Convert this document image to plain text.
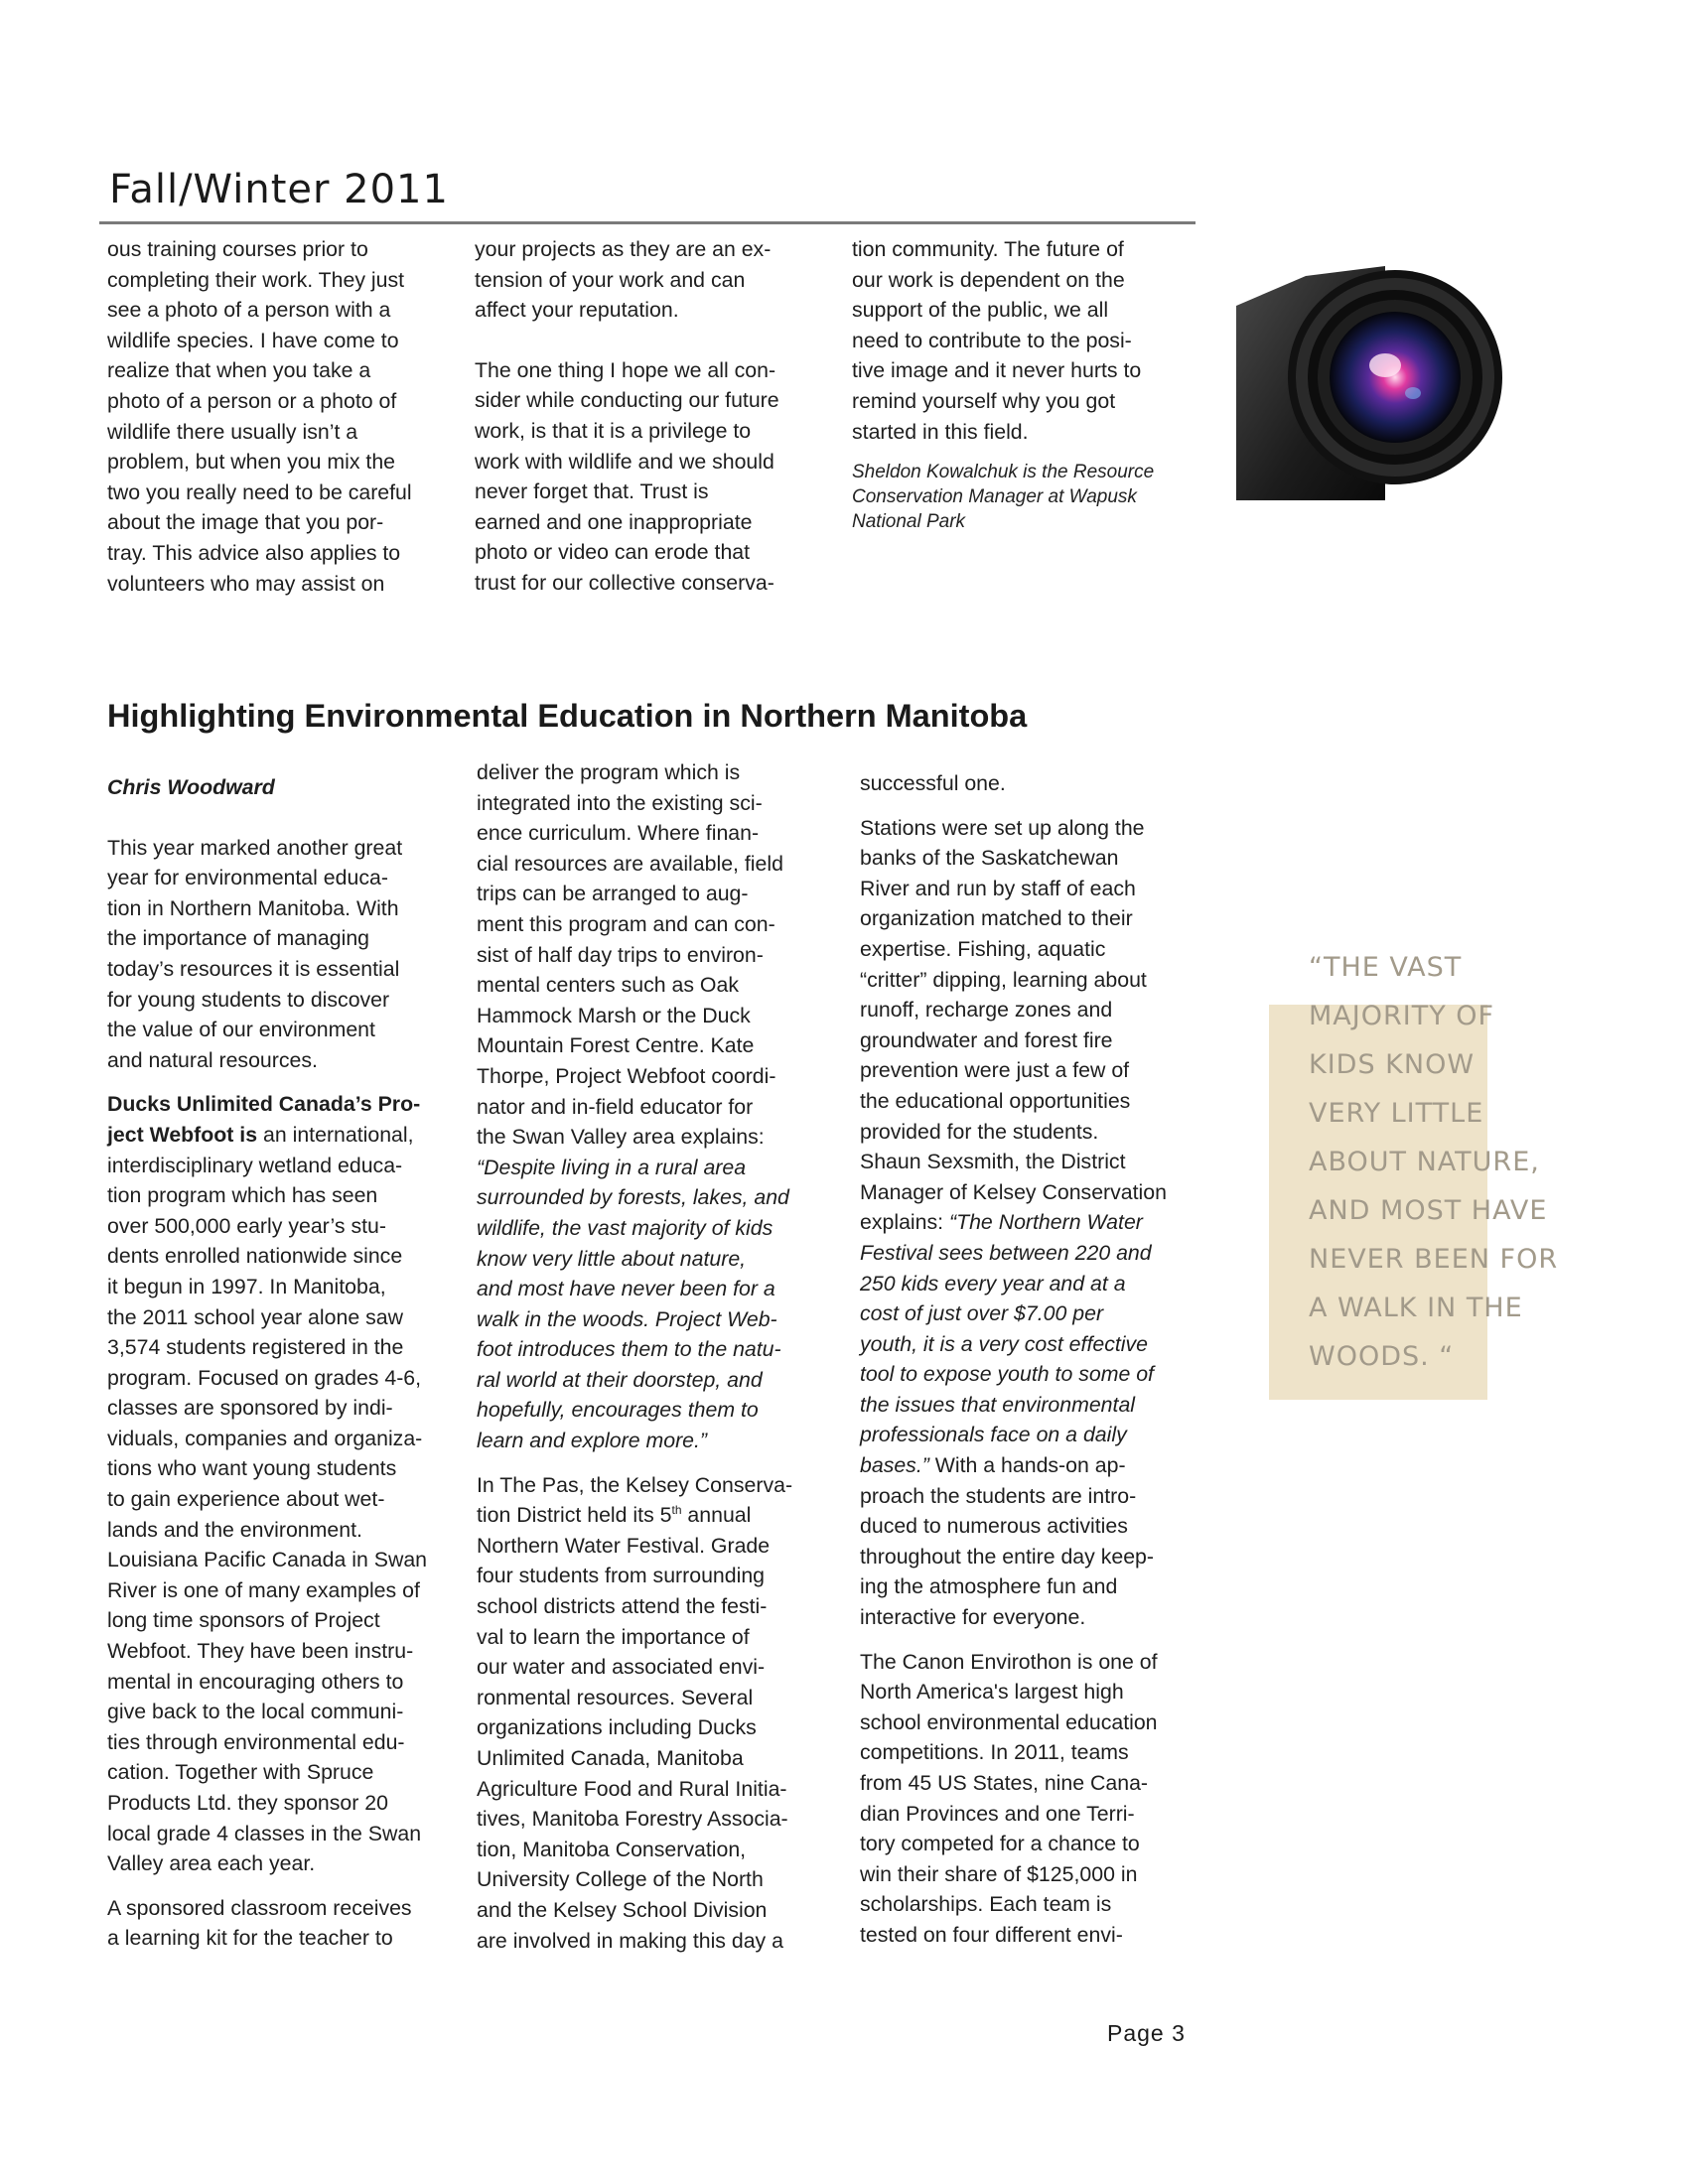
Fall/Winter 2011
ous training courses prior to
completing their work. They just
see a photo of a person with a
wildlife species. I have come to
realize that when you take a
photo of a person or a photo of
wildlife there usually isn’t a
problem, but when you mix the
two you really need to be careful
about the image that you por-
tray. This advice also applies to
volunteers who may assist on
your projects as they are an ex-
tension of your work and can
affect your reputation.
The one thing I hope we all con-
sider while conducting our future
work, is that it is a privilege to
work with wildlife and we should
never forget that. Trust is
earned and one inappropriate
photo or video can erode that
trust for our collective conserva-
tion community. The future of
our work is dependent on the
support of the public, we all
need to contribute to the posi-
tive image and it never hurts to
remind yourself why you got
started in this field.
Sheldon Kowalchuk is the Resource
Conservation Manager at Wapusk
National Park
Highlighting Environmental Education in Northern Manitoba
Chris Woodward
This year marked another great
year for environmental educa-
tion in Northern Manitoba. With
the importance of managing
today’s resources it is essential
for young students to discover
the value of our environment
and natural resources.
Ducks Unlimited Canada’s Pro-
ject Webfoot is an international,
interdisciplinary wetland educa-
tion program which has seen
over 500,000 early year’s stu-
dents enrolled nationwide since
it begun in 1997. In Manitoba,
the 2011 school year alone saw
3,574 students registered in the
program. Focused on grades 4-6,
classes are sponsored by indi-
viduals, companies and organiza-
tions who want young students
to gain experience about wet-
lands and the environment.
Louisiana Pacific Canada in Swan
River is one of many examples of
long time sponsors of Project
Webfoot. They have been instru-
mental in encouraging others to
give back to the local communi-
ties through environmental edu-
cation. Together with Spruce
Products Ltd. they sponsor 20
local grade 4 classes in the Swan
Valley area each year.
A sponsored classroom receives
a learning kit for the teacher to
deliver the program which is
integrated into the existing sci-
ence curriculum. Where finan-
cial resources are available, field
trips can be arranged to aug-
ment this program and can con-
sist of half day trips to environ-
mental centers such as Oak
Hammock Marsh or the Duck
Mountain Forest Centre. Kate
Thorpe, Project Webfoot coordi-
nator and in-field educator for
the Swan Valley area explains:
“Despite living in a rural area
surrounded by forests, lakes, and
wildlife, the vast majority of kids
know very little about nature,
and most have never been for a
walk in the woods. Project Web-
foot introduces them to the natu-
ral world at their doorstep, and
hopefully, encourages them to
learn and explore more.”
In The Pas, the Kelsey Conserva-
tion District held its 5th annual
Northern Water Festival. Grade
four students from surrounding
school districts attend the festi-
val to learn the importance of
our water and associated envi-
ronmental resources. Several
organizations including Ducks
Unlimited Canada, Manitoba
Agriculture Food and Rural Initia-
tives, Manitoba Forestry Associa-
tion, Manitoba Conservation,
University College of the North
and the Kelsey School Division
are involved in making this day a
successful one.
Stations were set up along the
banks of the Saskatchewan
River and run by staff of each
organization matched to their
expertise. Fishing, aquatic
“critter” dipping, learning about
runoff, recharge zones and
groundwater and forest fire
prevention were just a few of
the educational opportunities
provided for the students.
Shaun Sexsmith, the District
Manager of Kelsey Conservation
explains: “The Northern Water
Festival sees between 220 and
250 kids every year and at a
cost of just over $7.00 per
youth, it is a very cost effective
tool to expose youth to some of
the issues that environmental
professionals face on a daily
bases.” With a hands-on ap-
proach the students are intro-
duced to numerous activities
throughout the entire day keep-
ing the atmosphere fun and
interactive for everyone.
The Canon Envirothon is one of
North America's largest high
school environmental education
competitions. In 2011, teams
from 45 US States, nine Cana-
dian Provinces and one Terri-
tory competed for a chance to
win their share of $125,000 in
scholarships. Each team is
tested on four different envi-
“THE VAST
MAJORITY OF
KIDS KNOW
VERY LITTLE
ABOUT NATURE,
AND MOST HAVE
NEVER BEEN FOR
A WALK IN THE
WOODS. “
Page 3
